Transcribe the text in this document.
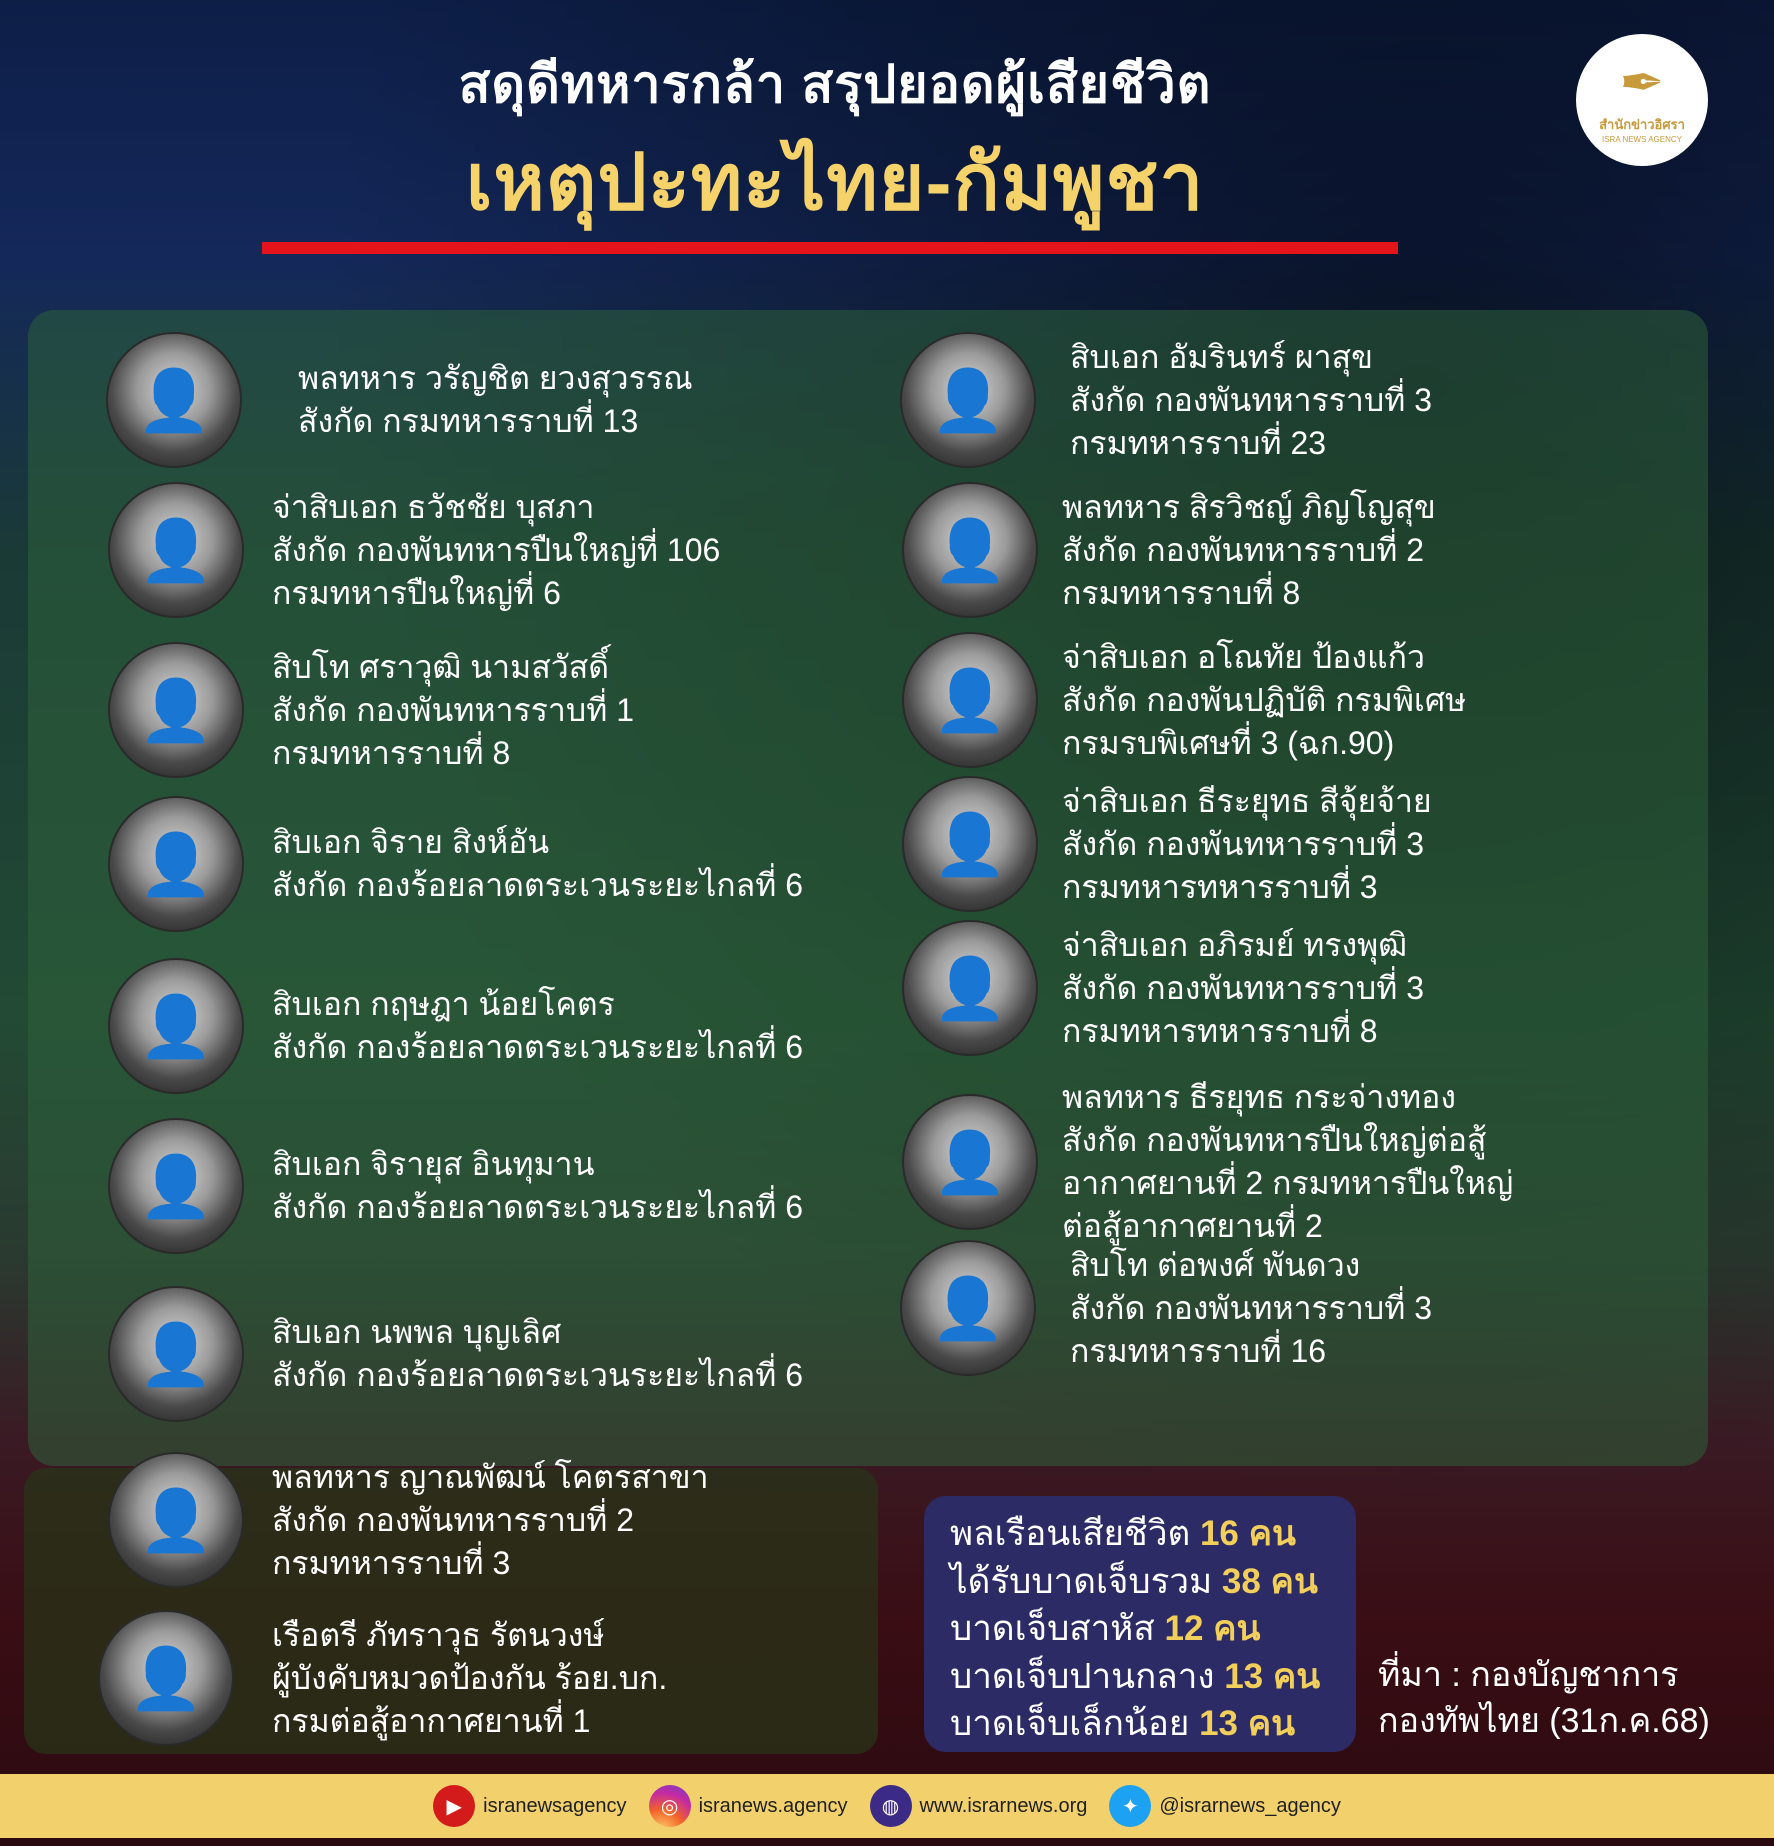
สดุดีทหารกล้า สรุปยอดผู้เสียชีวิต
เหตุปะทะไทย-กัมพูชา
✒
สำนักข่าวอิศรา
ISRA NEWS AGENCY
👤	พลทหาร วรัญชิต ยวงสุวรรณ
สังกัด กรมทหารราบที่ 13
👤
จ่าสิบเอก ธวัชชัย บุสภา
สังกัด กองพันทหารปืนใหญ่ที่ 106
กรมทหารปืนใหญ่ที่ 6
👤
สิบโท ศราวุฒิ นามสวัสดิ์
สังกัด กองพันทหารราบที่ 1
กรมทหารราบที่ 8
👤	สิบเอก จิราย สิงห์อัน
สังกัด กองร้อยลาดตระเวนระยะไกลที่ 6
👤	สิบเอก กฤษฎา น้อยโคตร
สังกัด กองร้อยลาดตระเวนระยะไกลที่ 6
👤	สิบเอก จิรายุส อินทุมาน
สังกัด กองร้อยลาดตระเวนระยะไกลที่ 6
👤	สิบเอก นพพล บุญเลิศ
สังกัด กองร้อยลาดตระเวนระยะไกลที่ 6
👤
พลทหาร ญาณพัฒน์ โคตรสาขา
สังกัด กองพันทหารราบที่ 2
กรมทหารราบที่ 3
👤
เรือตรี ภัทราวุธ รัตนวงษ์
ผู้บังคับหมวดป้องกัน ร้อย.บก.
กรมต่อสู้อากาศยานที่ 1
👤
สิบเอก อัมรินทร์ ผาสุข
สังกัด กองพันทหารราบที่ 3
กรมทหารราบที่ 23
👤
พลทหาร สิรวิชญ์ ภิญโญสุข
สังกัด กองพันทหารราบที่ 2
กรมทหารราบที่ 8
👤
จ่าสิบเอก อโณทัย ป้องแก้ว
สังกัด กองพันปฏิบัติ กรมพิเศษ
กรมรบพิเศษที่ 3 (ฉก.90)
👤
จ่าสิบเอก ธีระยุทธ สีจุ้ยจ้าย
สังกัด กองพันทหารราบที่ 3
กรมทหารทหารราบที่ 3
👤
จ่าสิบเอก อภิรมย์ ทรงพุฒิ
สังกัด กองพันทหารราบที่ 3
กรมทหารทหารราบที่ 8
👤
พลทหาร ธีรยุทธ กระจ่างทอง
สังกัด กองพันทหารปืนใหญ่ต่อสู้
อากาศยานที่ 2 กรมทหารปืนใหญ่
ต่อสู้อากาศยานที่ 2
👤
สิบโท ต่อพงศ์ พันดวง
สังกัด กองพันทหารราบที่ 3
กรมทหารราบที่ 16
พลเรือนเสียชีวิต 16 คน
ได้รับบาดเจ็บรวม 38 คน
บาดเจ็บสาหัส 12 คน
บาดเจ็บปานกลาง 13 คน
บาดเจ็บเล็กน้อย 13 คน
ที่มา : กองบัญชาการ
กองทัพไทย (31ก.ค.68)
▶	isranewsagency	◎	isranews.agency	◍	www.israrnews.org	✦	@israrnews_agency
